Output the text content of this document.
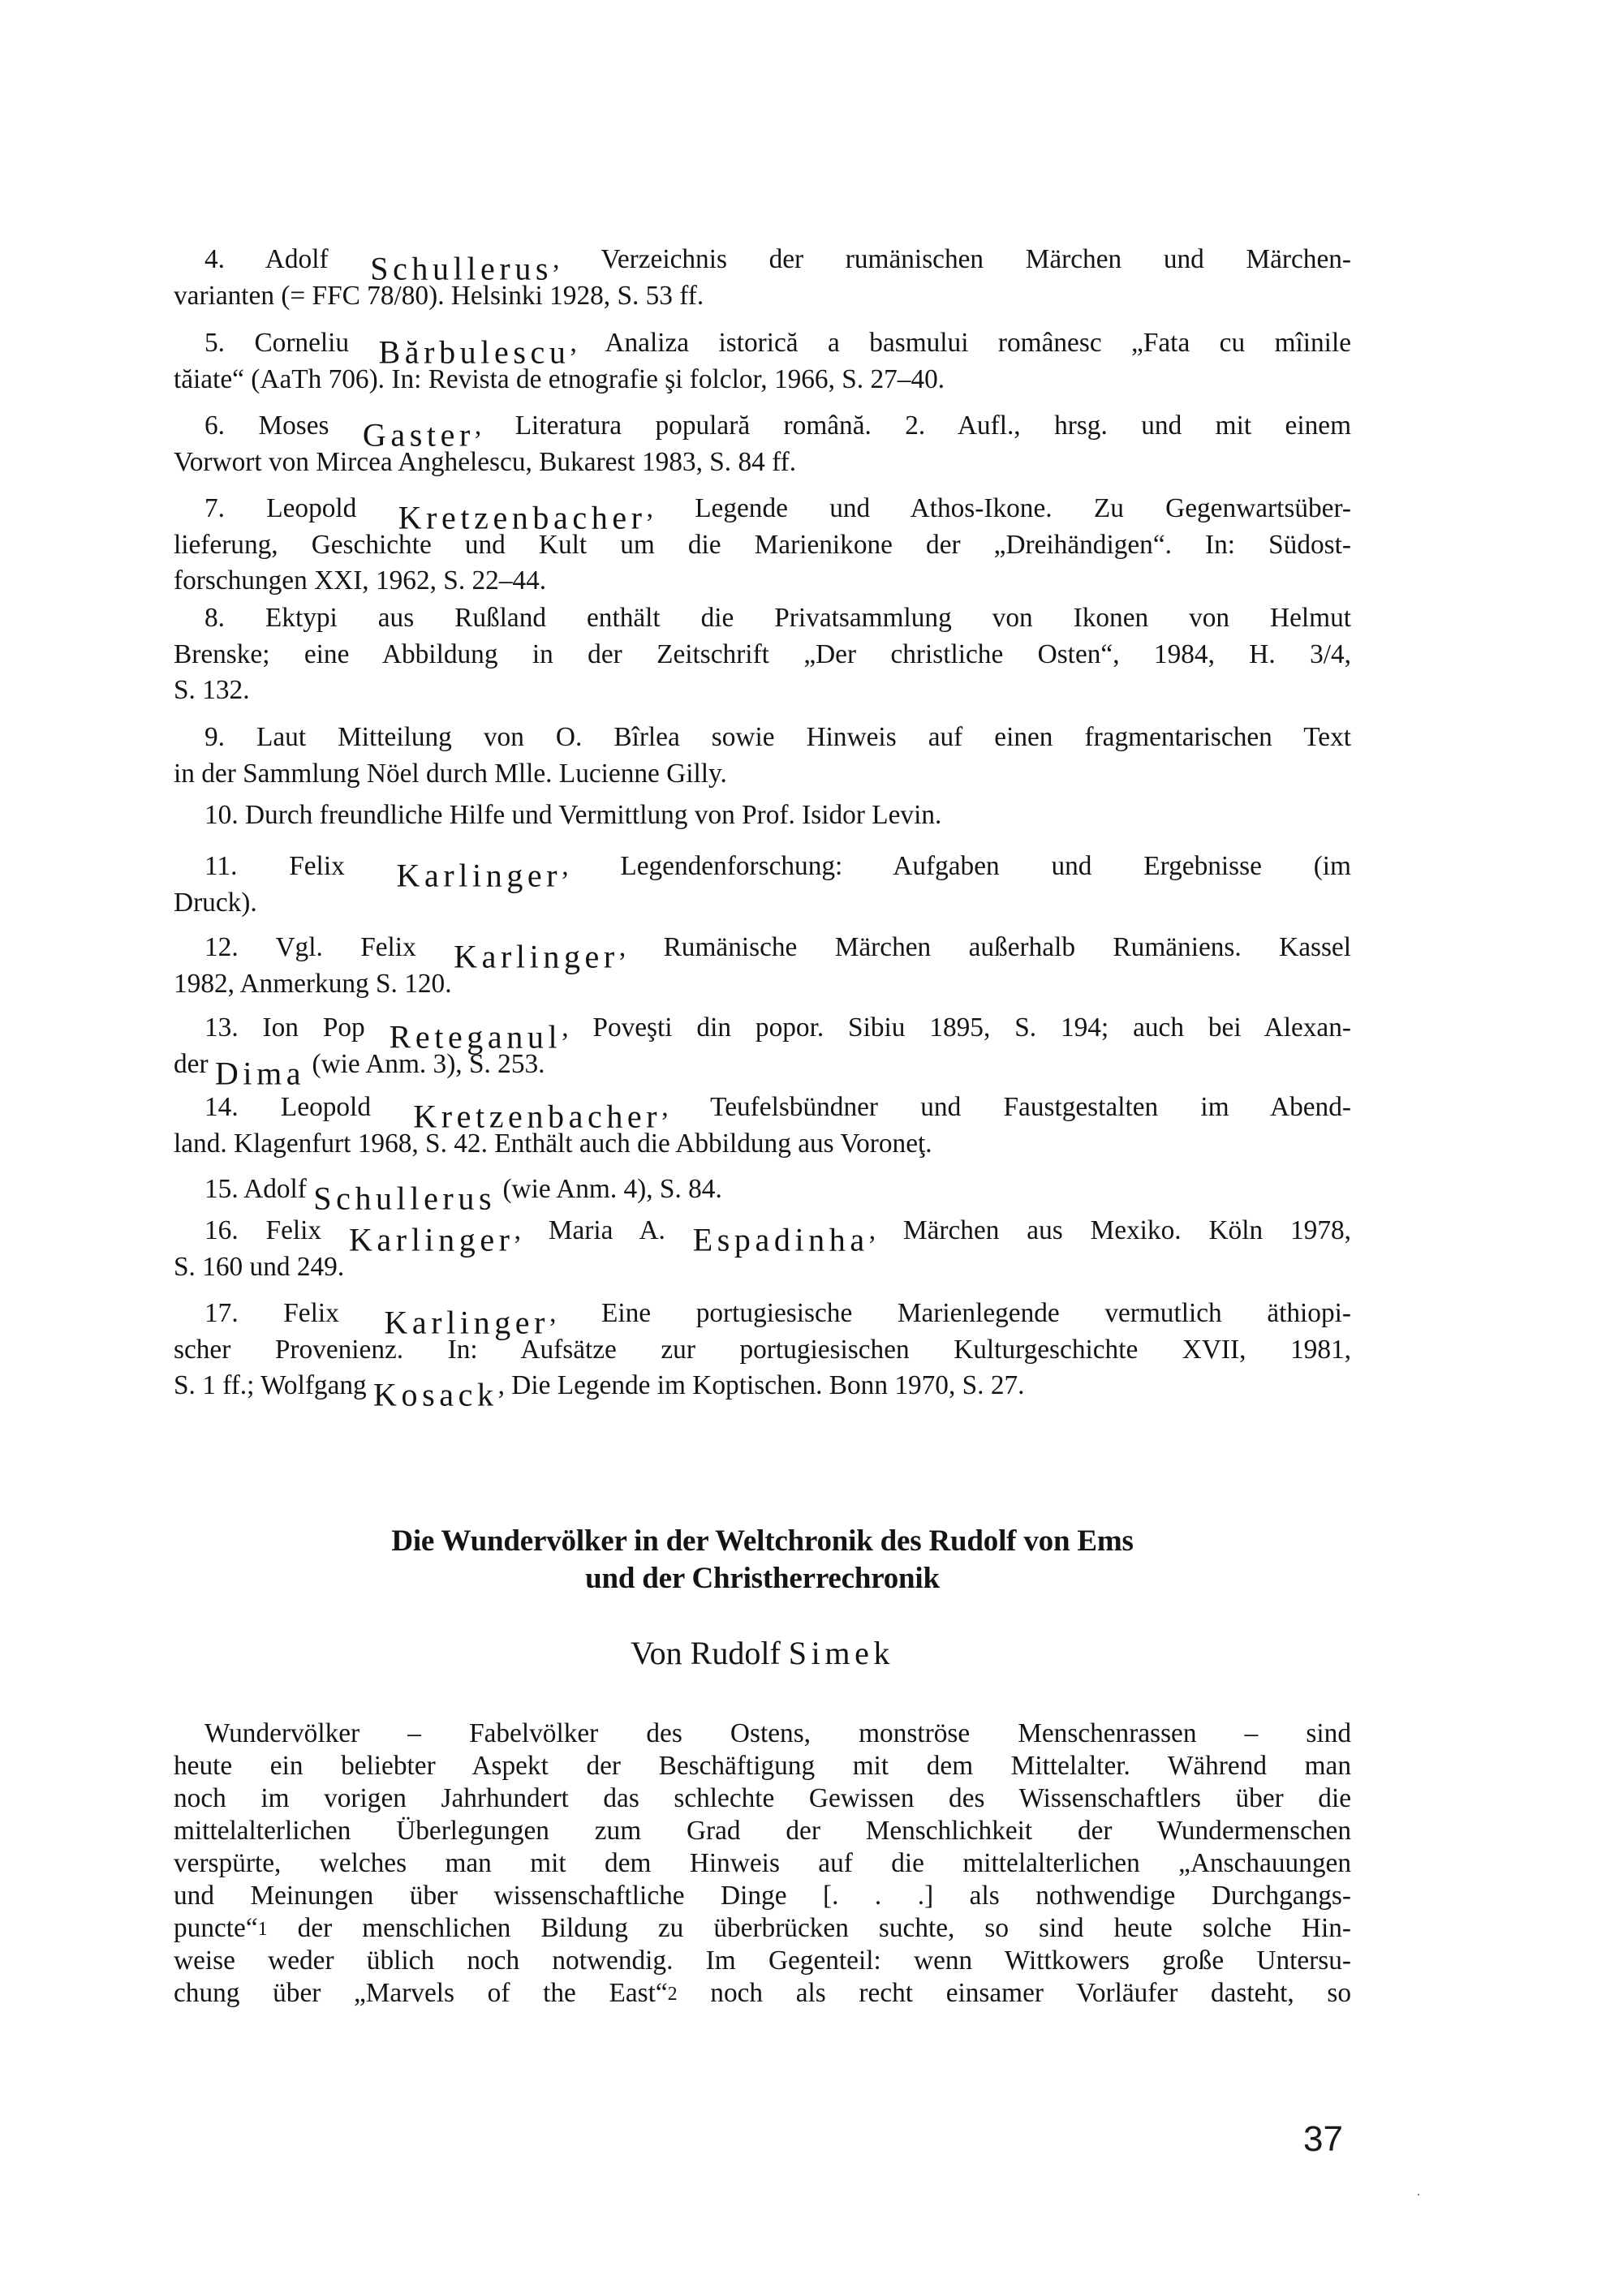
$^{4. Adolf}$ Schullerus$^{, Verzeichnis der rumänischen Märchen und Märchen-}$
$^{varianten (= FFC 78/80). Helsinki 1928, S. 53 ff.}$
$^{5. Corneliu}$ Bărbulescu$^{, Analiza istorică a basmului românesc „Fata cu mîinile}$
$^{tăiate“ (AaTh 706). In: Revista de etnografie şi folclor, 1966, S. 27-40.}$
$^{6. Moses}$ Gaster$^{, Literatura populară română. 2. Aufl., hrsg. und mit einem}$
$^{Vorwort von Mircea Anghelescu, Bukarest 1983, S. 84 ff.}$
$^{7. Leopold}$ Kretzenbacher$^{, Legende und Athos-Ikone. Zu Gegenwartsüber-}$
$^{lieferung, Geschichte und Kult um die Marienikone der „Dreihändigen“. In: Südost-}$
$^{forschungen XXI, 1962, S. 22-44.}$
$^{8. Ektypi aus Rußland enthält die Privatsammlung von Ikonen von Helmut}$
$^{Brenske; eine Abbildung in der Zeitschrift „Der christliche Osten“, 1984, H. 3/4,}$
$^{S. 132.}$
$^{9. Laut Mitteilung von O. Bîrlea sowie Hinweis auf einen fragmentarischen Text}$
$^{in der Sammlung Nöel durch Mlle. Lucienne Gilly.}$
$^{10. Durch freundliche Hilfe und Vermittlung von Prof. Isidor Levin.}$
$^{11. Felix}$ Karlinger$^{, Legendenforschung: Aufgaben und Ergebnisse (im}$
$^{Druck).}$
$^{12. Vgl. Felix}$ Karlinger$^{, Rumänische Märchen außerhalb Rumäniens. Kassel}$
$^{1982, Anmerkung S. 120.}$
$^{13. Ion Pop}$ Reteganul$^{, Poveşti din popor. Sibiu 1895, S. 194; auch bei Alexan-}$
$^{der}$ Dima $^{(wie Anm. 3), S. 253.}$
$^{14. Leopold}$ Kretzenbacher$^{, Teufelsbündner und Faustgestalten im Abend-}$
$^{land. Klagenfurt 1968, S. 42. Enthält auch die Abbildung aus Voroneţ.}$
$^{15. Adolf}$ Schullerus $^{(wie Anm. 4), S. 84.}$
$^{16. Felix}$ Karlinger$^{, Maria A.}$ Espadinha$^{, Märchen aus Mexiko. Köln 1978,}$
$^{S. 160 und 249.}$
$^{17. Felix}$ Karlinger$^{, Eine portugiesische Marienlegende vermutlich äthiopi-}$
$^{scher Provenienz. In: Aufsätze zur portugiesischen Kulturgeschichte XVII, 1981,}$
$^{S. 1 ff.; Wolfgang}$ Kosack$^{, Die Legende im Koptischen. Bonn 1970, S. 27.}$
Die Wundervölker in der Weltchronik des Rudolf von Ems
und der Christherrechronik
Von Rudolf Simek
$^{Wundervölker - Fabelvölker des Ostens, monströse Menschenrassen - sind}$
$^{heute ein beliebter Aspekt der Beschäftigung mit dem Mittelalter. Während man}$
$^{noch im vorigen Jahrhundert das schlechte Gewissen des Wissenschaftlers über die}$
$^{mittelalterlichen Überlegungen zum Grad der Menschlichkeit der Wundermenschen}$
$^{verspürte, welches man mit dem Hinweis auf die mittelalterlichen „Anschauungen}$
$^{und Meinungen über wissenschaftliche Dinge [. . .] als nothwendige Durchgangs-}$
$^{puncte“1}$ $^{der menschlichen Bildung zu überbrücken suchte, so sind heute solche Hin-}$
$^{weise weder üblich noch notwendig. Im Gegenteil: wenn Wittkowers große Untersu-}$
$^{chung über „Marvels of the East“2}$ $^{noch als recht einsamer Vorläufer dasteht, so}$
37
